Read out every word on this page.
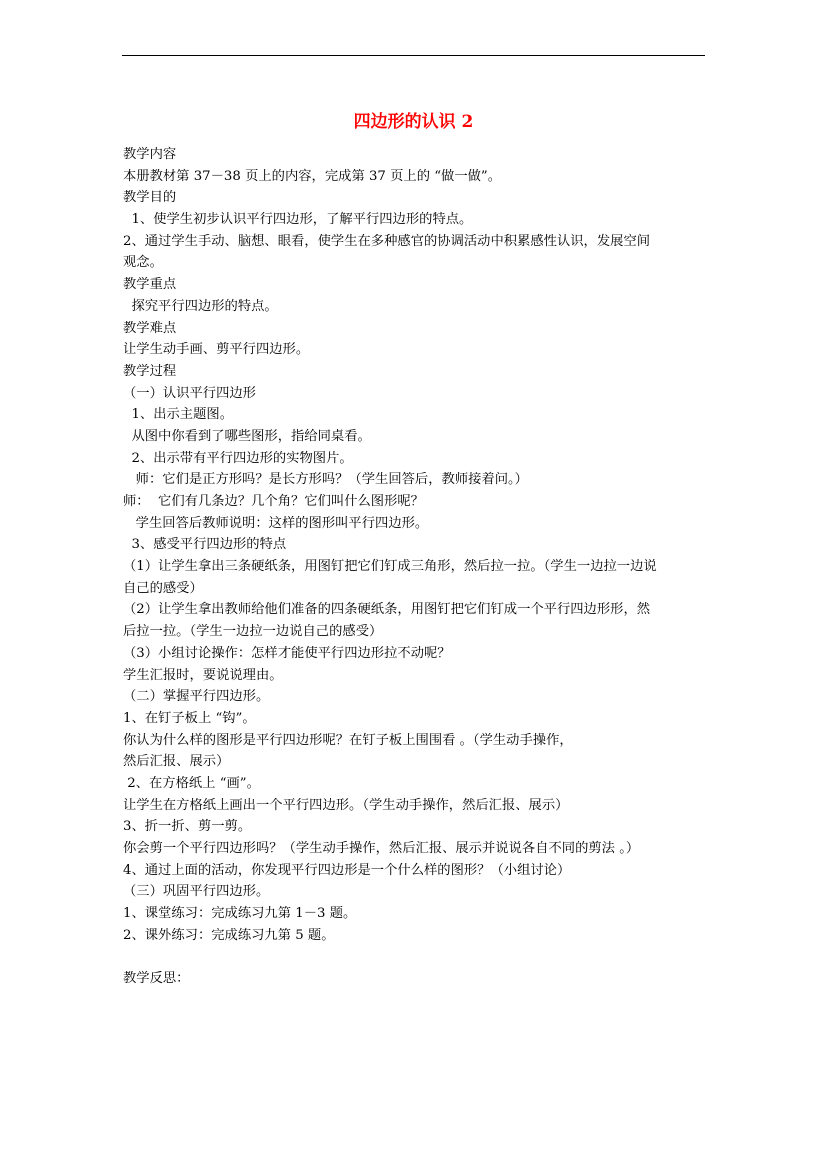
四边形的认识 2

教学内容

本册教材第 37－38 页上的内容，完成第 37 页上的 “做一做”。

教学目的

1、使学生初步认识平行四边形，了解平行四边形的特点。

2、通过学生手动、脑想、眼看，使学生在多种感官的协调活动中积累感性认识，发展空间

观念。

教学重点

探究平行四边形的特点。

教学难点

让学生动手画、剪平行四边形。

教学过程

（一）认识平行四边形

1、出示主题图。

从图中你看到了哪些图形，指给同桌看。

2、出示带有平行四边形的实物图片。

师：它们是正方形吗？是长方形吗？（学生回答后，教师接着问。）

师：  它们有几条边？几个角？它们叫什么图形呢？

学生回答后教师说明：这样的图形叫平行四边形。

3、感受平行四边形的特点

（1）让学生拿出三条硬纸条，用图钉把它们钉成三角形，然后拉一拉。（学生一边拉一边说

自己的感受）

（2）让学生拿出教师给他们准备的四条硬纸条，用图钉把它们钉成一个平行四边形形，然

后拉一拉。（学生一边拉一边说自己的感受）

（3）小组讨论操作：怎样才能使平行四边形拉不动呢？

学生汇报时，要说说理由。

（二）掌握平行四边形。

1、在钉子板上 “钩”。

你认为什么样的图形是平行四边形呢？在钉子板上围围看 。（学生动手操作，

然后汇报、展示）

2、在方格纸上 “画”。

让学生在方格纸上画出一个平行四边形。（学生动手操作，然后汇报、展示）

3、折一折、剪一剪。

你会剪一个平行四边形吗？（学生动手操作，然后汇报、展示并说说各自不同的剪法 。）

4、通过上面的活动，你发现平行四边形是一个什么样的图形？（小组讨论）

（三）巩固平行四边形。

1、课堂练习：完成练习九第 1－3 题。

2、课外练习：完成练习九第 5 题。

教学反思：
